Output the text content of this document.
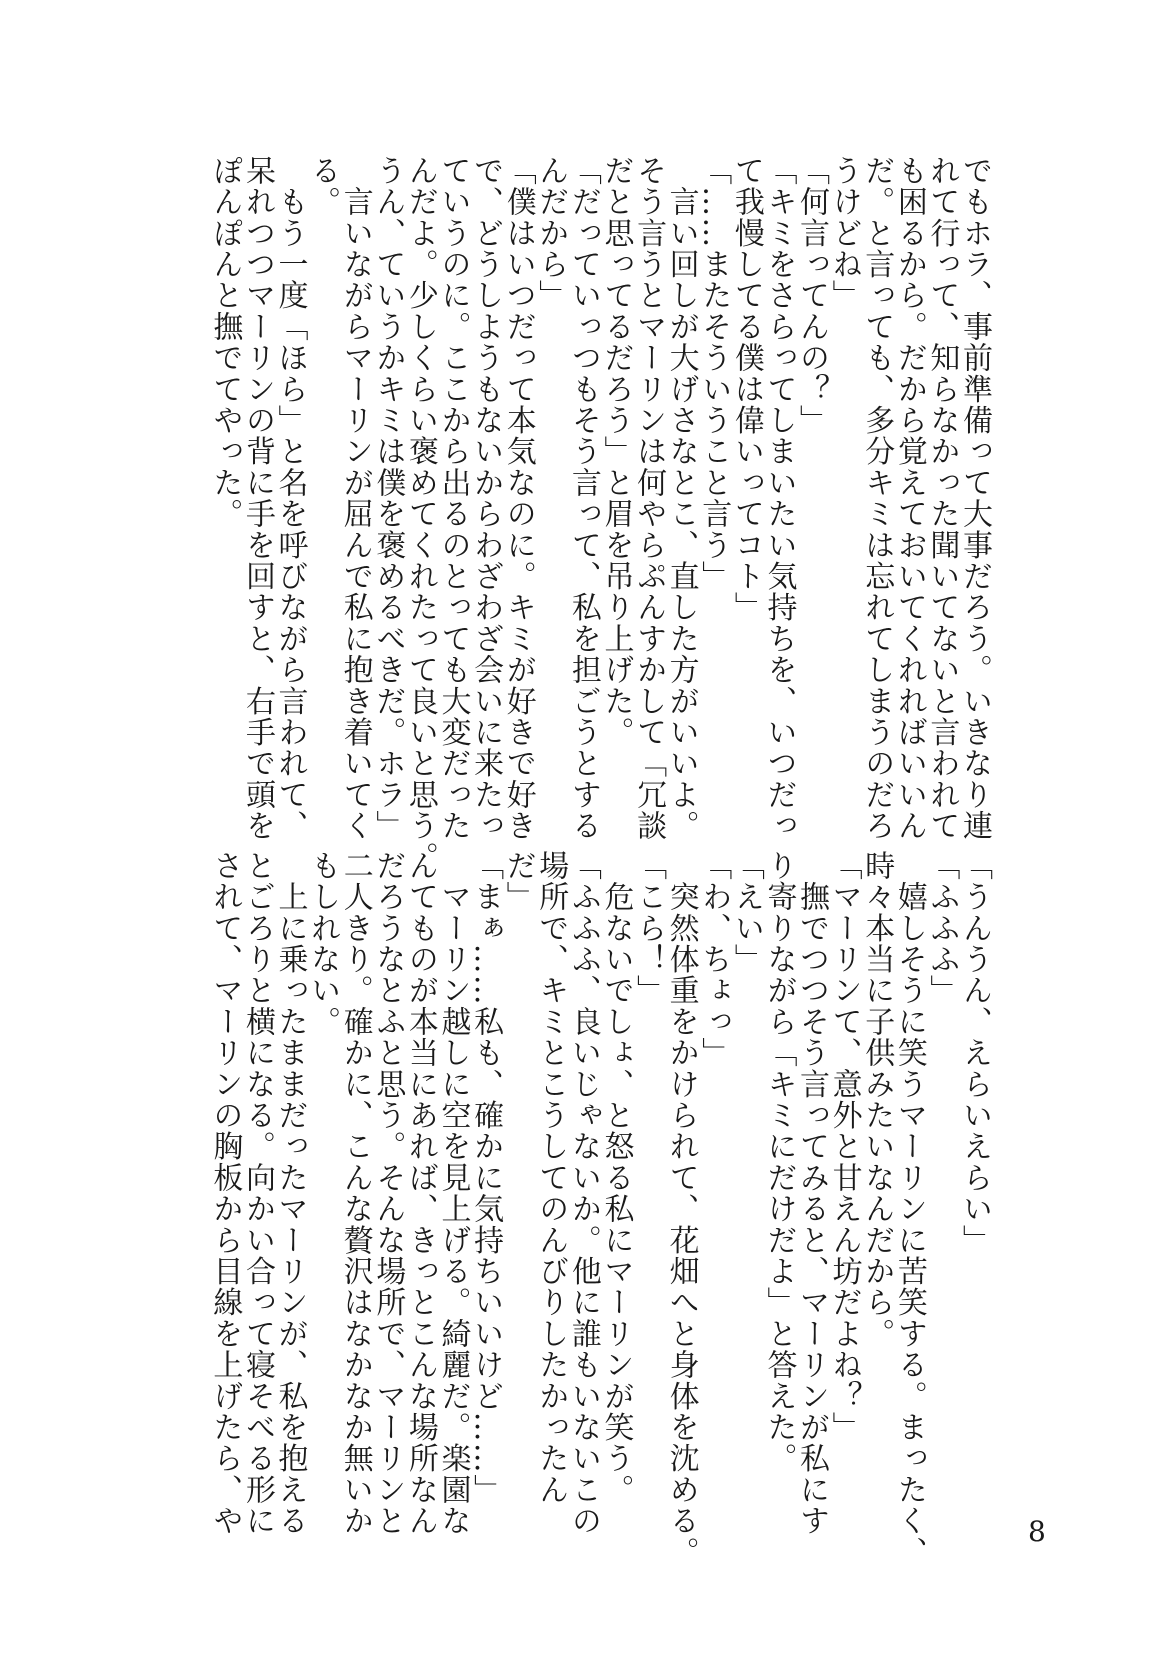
でもホラ、事前準備って大事だろう。いきなり連
れて行って、知らなかった聞いてないと言われて
も困るから。だから覚えておいてくれればいいん
だ。と言っても、多分キミは忘れてしまうのだろ
うけどね」
「何言ってんの？」
「キミをさらってしまいたい気持ちを、いつだっ
て我慢してる僕は偉いってコト」
「……またそういうこと言う」
　言い回しが大げさなとこ、直した方がいいよ。
そう言うとマーリンは何やらぷんすかして「冗談
だと思ってるだろう」と眉を吊り上げた。
「だっていっつもそう言って、私を担ごうとする
んだから」
「僕はいつだって本気なのに。キミが好きで好き
で、どうしようもないからわざわざ会いに来たっ
ていうのに。ここから出るのとっても大変だった
んだよ。少しくらい褒めてくれたって良いと思う。
うん、ていうかキミは僕を褒めるべきだ。ホラ」
　言いながらマーリンが屈んで私に抱き着いてく
る。
　もう一度「ほら」と名を呼びながら言われて、
呆れつつマーリンの背に手を回すと、右手で頭を
ぽんぽんと撫でてやった。
「うんうん、えらいえらい」
「ふふふ」
　嬉しそうに笑うマーリンに苦笑する。まったく、
時々本当に子供みたいなんだから。
「マーリンて、意外と甘えん坊だよね？」
　撫でつつそう言ってみると、マーリンが私にす
り寄りながら「キミにだけだよ」と答えた。
「えい」
「わ、ちょっ」
　突然体重をかけられて、花畑へと身体を沈める。
「こら！」
　危ないでしょ、と怒る私にマーリンが笑う。
「ふふふ、良いじゃないか。他に誰もいないこの
場所で、キミとこうしてのんびりしたかったん
だ」
「まぁ……私も、確かに気持ちいいけど……」
　マーリン越しに空を見上げる。綺麗だ。楽園な
んてものが本当にあれば、きっとこんな場所なん
だろうなとふと思う。そんな場所で、マーリンと
二人きり。確かに、こんな贅沢はなかなか無いか
もしれない。
　上に乗ったままだったマーリンが、私を抱える
とごろりと横になる。向かい合って寝そべる形に
されて、マーリンの胸板から目線を上げたら、や	8
